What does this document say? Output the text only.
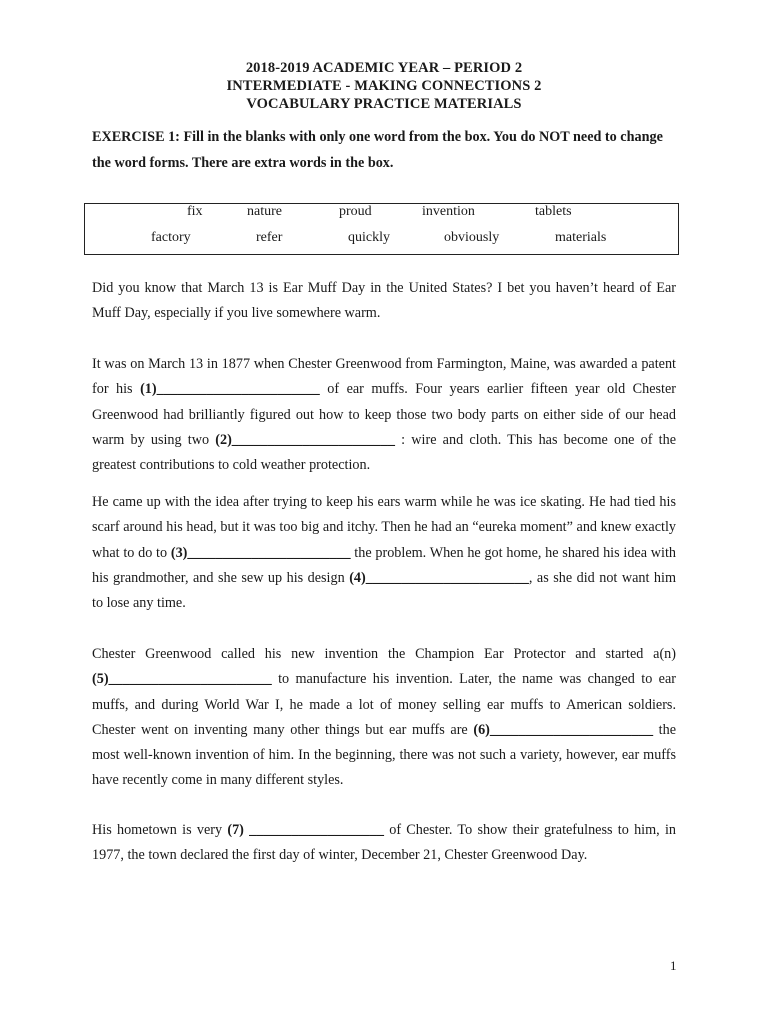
2018-2019 ACADEMIC YEAR – PERIOD 2
INTERMEDIATE - MAKING CONNECTIONS 2
VOCABULARY PRACTICE MATERIALS
EXERCISE 1: Fill in the blanks with only one word from the box. You do NOT need to change the word forms. There are extra words in the box.
fix	nature	proud	invention	tablets
factory	refer	quickly	obviously	materials
Did you know that March 13 is Ear Muff Day in the United States? I bet you haven’t heard of Ear Muff Day, especially if you live somewhere warm.
It was on March 13 in 1877 when Chester Greenwood from Farmington, Maine, was awarded a patent for his (1)_______________________ of ear muffs. Four years earlier fifteen year old Chester Greenwood had brilliantly figured out how to keep those two body parts on either side of our head warm by using two (2)_______________________ : wire and cloth. This has become one of the greatest contributions to cold weather protection.
He came up with the idea after trying to keep his ears warm while he was ice skating. He had tied his scarf around his head, but it was too big and itchy. Then he had an “eureka moment” and knew exactly what to do to (3)_______________________ the problem. When he got home, he shared his idea with his grandmother, and she sew up his design (4)_______________________, as she did not want him to lose any time.
Chester Greenwood called his new invention the Champion Ear Protector and started a(n) (5)_______________________ to manufacture his invention. Later, the name was changed to ear muffs, and during World War I, he made a lot of money selling ear muffs to American soldiers. Chester went on inventing many other things but ear muffs are (6)_______________________ the most well-known invention of him. In the beginning, there was not such a variety, however, ear muffs have recently come in many different styles.
His hometown is very (7) ___________________ of Chester. To show their gratefulness to him, in 1977, the town declared the first day of winter, December 21, Chester Greenwood Day.
1
